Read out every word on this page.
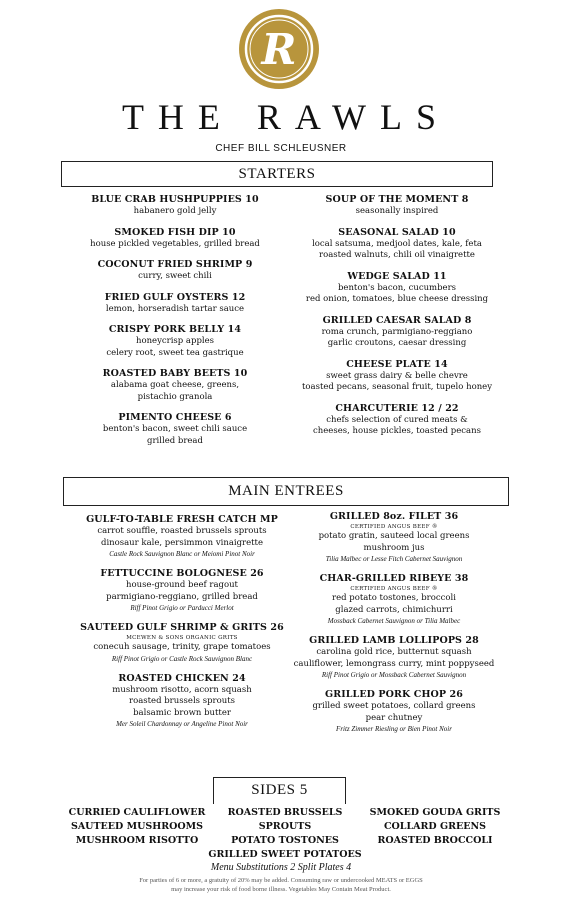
R
THE RAWLS
CHEF BILL SCHLEUSNER
STARTERS
BLUE CRAB HUSHPUPPIES 10
habanero gold jelly
SMOKED FISH DIP 10
house pickled vegetables, grilled bread
COCONUT FRIED SHRIMP 9
curry, sweet chili
FRIED GULF OYSTERS 12
lemon, horseradish tartar sauce
CRISPY PORK BELLY 14
honeycrisp apples
celery root, sweet tea gastrique
ROASTED BABY BEETS 10
alabama goat cheese, greens,
pistachio granola
PIMENTO CHEESE 6
benton's bacon, sweet chili sauce
grilled bread
SOUP OF THE MOMENT 8
seasonally inspired
SEASONAL SALAD 10
local satsuma, medjool dates, kale, feta
roasted walnuts, chili oil vinaigrette
WEDGE SALAD 11
benton's bacon, cucumbers
red onion, tomatoes, blue cheese dressing
GRILLED CAESAR SALAD 8
roma crunch, parmigiano-reggiano
garlic croutons, caesar dressing
CHEESE PLATE 14
sweet grass dairy & belle chevre
toasted pecans, seasonal fruit, tupelo honey
CHARCUTERIE 12 / 22
chefs selection of cured meats &
cheeses, house pickles, toasted pecans
MAIN ENTREES
GULF-TO-TABLE FRESH CATCH MP
carrot souffle, roasted brussels sprouts
dinosaur kale, persimmon vinaigrette
Castle Rock Sauvignon Blanc or Meiomi Pinot Noir
FETTUCCINE BOLOGNESE 26
house-ground beef ragout
parmigiano-reggiano, grilled bread
Riff Pinot Grigio or Parducci Merlot
SAUTEED GULF SHRIMP & GRITS 26
MCEWEN & SONS ORGANIC GRITS
conecuh sausage, trinity, grape tomatoes
Riff Pinot Grigio or Castle Rock Sauvignon Blanc
ROASTED CHICKEN 24
mushroom risotto, acorn squash
roasted brussels sprouts
balsamic brown butter
Mer Soleil Chardonnay or Angeline Pinot Noir
GRILLED 8oz. FILET 36
CERTIFIED ANGUS BEEF ®
potato gratin, sauteed local greens
mushroom jus
Tilia Malbec or Lesse Fitch Cabernet Sauvignon
CHAR-GRILLED RIBEYE 38
CERTIFIED ANGUS BEEF ®
red potato tostones, broccoli
glazed carrots, chimichurri
Mossback Cabernet Sauvignon or Tilia Malbec
GRILLED LAMB LOLLIPOPS 28
carolina gold rice, butternut squash
cauliflower, lemongrass curry, mint poppyseed
Riff Pinot Grigio or Mossback Cabernet Sauvignon
GRILLED PORK CHOP 26
grilled sweet potatoes, collard greens
pear chutney
Fritz Zimmer Riesling or Bien Pinot Noir
SIDES 5
CURRIED CAULIFLOWER
SAUTEED MUSHROOMS
MUSHROOM RISOTTO
ROASTED BRUSSELS SPROUTS
POTATO TOSTONES
GRILLED SWEET POTATOES
SMOKED GOUDA GRITS
COLLARD GREENS
ROASTED BROCCOLI
Menu Substitutions 2 Split Plates 4
For parties of 6 or more, a gratuity of 20% may be added. Consuming raw or undercooked MEATS or EGGS
may increase your risk of food borne illness. Vegetables May Contain Meat Product.
